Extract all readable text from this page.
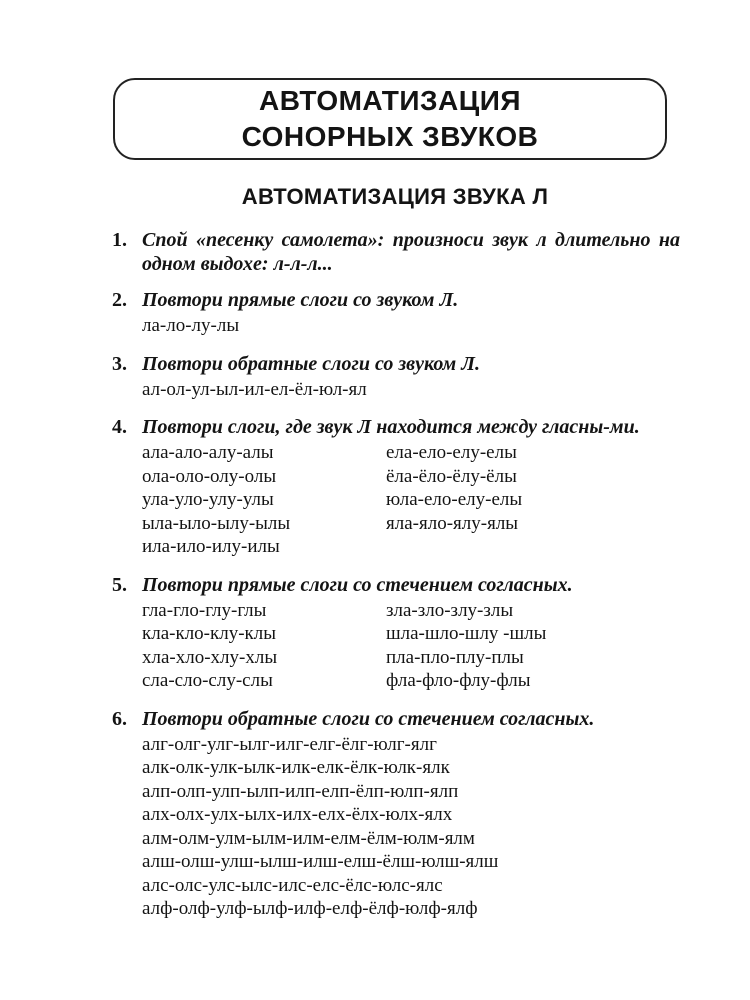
АВТОМАТИЗАЦИЯ
СОНОРНЫХ ЗВУКОВ
АВТОМАТИЗАЦИЯ ЗВУКА Л
1. Спой «песенку самолета»: произноси звук л длительно на одном выдохе: л-л-л...
2. Повтори прямые слоги со звуком Л.
ла-ло-лу-лы
3. Повтори обратные слоги со звуком Л.
ал-ол-ул-ыл-ил-ел-ёл-юл-ял
4. Повтори слоги, где звук Л находится между гласны-ми.
ала-ало-алу-алы
ола-оло-олу-олы
ула-уло-улу-улы
ыла-ыло-ылу-ылы
ила-ило-илу-илы
ела-ело-елу-елы
ёла-ёло-ёлу-ёлы
юла-ело-елу-елы
яла-яло-ялу-ялы
5. Повтори прямые слоги со стечением согласных.
гла-гло-глу-глы
кла-кло-клу-клы
хла-хло-хлу-хлы
сла-сло-слу-слы
зла-зло-злу-злы
шла-шло-шлу -шлы
пла-пло-плу-плы
фла-фло-флу-флы
6. Повтори обратные слоги со стечением согласных.
алг-олг-улг-ылг-илг-елг-ёлг-юлг-ялг
алк-олк-улк-ылк-илк-елк-ёлк-юлк-ялк
алп-олп-улп-ылп-илп-елп-ёлп-юлп-ялп
алх-олх-улх-ылх-илх-елх-ёлх-юлх-ялх
алм-олм-улм-ылм-илм-елм-ёлм-юлм-ялм
алш-олш-улш-ылш-илш-елш-ёлш-юлш-ялш
алс-олс-улс-ылс-илс-елс-ёлс-юлс-ялс
алф-олф-улф-ылф-илф-елф-ёлф-юлф-ялф
